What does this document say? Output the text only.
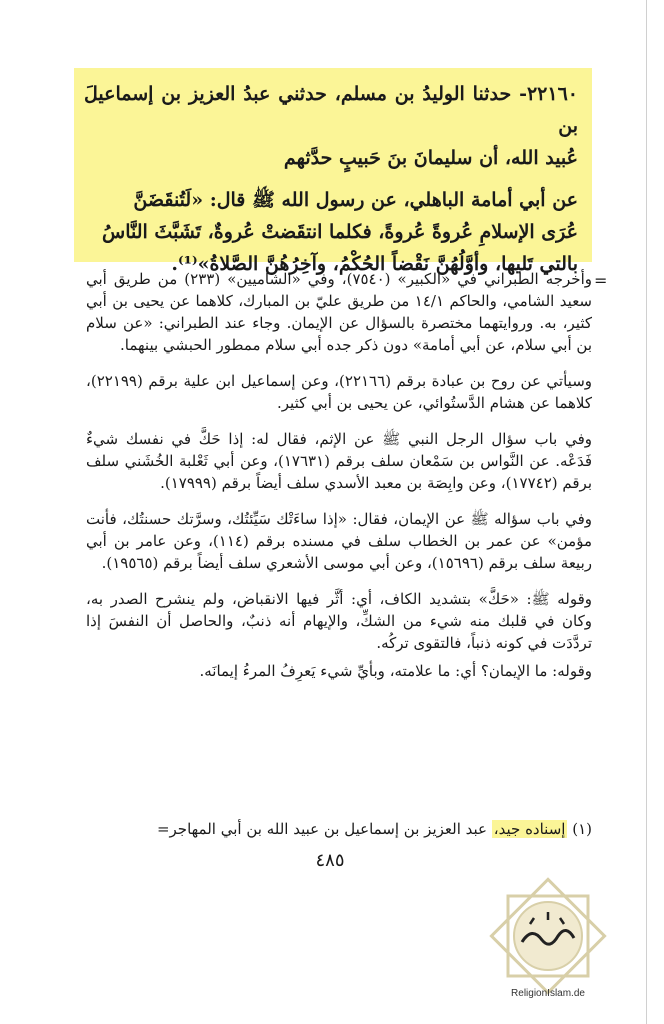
٢٢١٦٠- حدثنا الوليدُ بن مسلم، حدثني عبدُ العزيز بن إسماعيلَ بن

عُبيد الله، أن سليمانَ بنَ حَبيبٍ حدَّثهم

عن أبي أمامة الباهلي، عن رسول الله ﷺ قال: «لَتُنقَضَنَّ

عُرَى الإسلامِ عُروةً عُروةً، فكلما انتقَضتْ عُروةٌ، تَشَبَّثَ النَّاسُ

بالتي تَليها، وأوَّلُهُنَّ نَقْضاً الحُكْمُ، وآخِرُهُنَّ الصَّلاةُ»⁽¹⁾.

=

وأخرجه الطبراني في «الكبير» (٧٥٤٠)، وفي «الشاميين» (٢٣٣) من طريق أبي سعيد الشامي، والحاكم ١٤/١ من طريق عليّ بن المبارك، كلاهما عن يحيى بن أبي كثير، به. وروايتهما مختصرة بالسؤال عن الإيمان. وجاء عند الطبراني: «عن سلام بن أبي سلام، عن أبي أمامة» دون ذكر جده أبي سلام ممطور الحبشي بينهما.

وسيأتي عن روح بن عبادة برقم (٢٢١٦٦)، وعن إسماعيل ابن علية برقم (٢٢١٩٩)، كلاهما عن هشام الدَّستُوائي، عن يحيى بن أبي كثير.

وفي باب سؤال الرجل النبي ﷺ عن الإثم، فقال له: إذا حَكَّ في نفسك شيءٌ فَدَعْه. عن النَّواس بن سَمْعان سلف برقم (١٧٦٣١)، وعن أبي ثَعْلبة الخُشَني سلف برقم (١٧٧٤٢)، وعن وابِصَة بن معبد الأسدي سلف أيضاً برقم (١٧٩٩٩).

وفي باب سؤاله ﷺ عن الإيمان، فقال: «إذا ساءَتْك سَيِّئتُك، وسرَّتك حسنتُك، فأنت مؤمن» عن عمر بن الخطاب سلف في مسنده برقم (١١٤)، وعن عامر بن أبي ربيعة سلف برقم (١٥٦٩٦)، وعن أبي موسى الأشعري سلف أيضاً برقم (١٩٥٦٥).

وقوله ﷺ: «حَكَّ» بتشديد الكاف، أي: أثَّر فيها الانقباض، ولم ينشرح الصدر به، وكان في قلبك منه شيء من الشكِّ، والإيهام أنه ذنبٌ، والحاصل أن النفسَ إذا تردَّدَت في كونه ذنباً، فالتقوى تركُه.

وقوله: ما الإيمان؟ أي: ما علامته، وبأيِّ شيء يَعرِفُ المرءُ إيمانَه.

(١) إسناده جيد، عبد العزيز بن إسماعيل بن عبيد الله بن أبي المهاجر=
٤٨٥
ReligionIslam.de
